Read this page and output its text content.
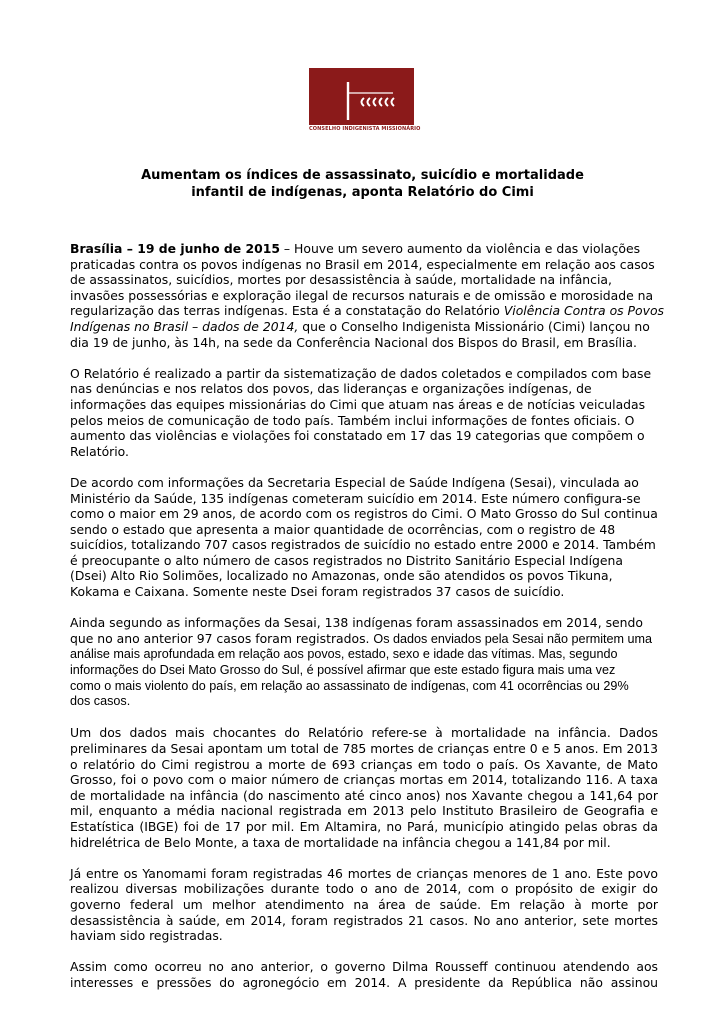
CONSELHO INDIGENISTA MISSIONÁRIO
Aumentam os índices de assassinato, suicídio e mortalidade
infantil de indígenas, aponta Relatório do Cimi
Brasília – 19 de junho de 2015 – Houve um severo aumento da violência e das violações
praticadas contra os povos indígenas no Brasil em 2014, especialmente em relação aos casos
de assassinatos, suicídios, mortes por desassistência à saúde, mortalidade na infância,
invasões possessórias e exploração ilegal de recursos naturais e de omissão e morosidade na
regularização das terras indígenas. Esta é a constatação do Relatório Violência Contra os Povos
Indígenas no Brasil – dados de 2014, que o Conselho Indigenista Missionário (Cimi) lançou no
dia 19 de junho, às 14h, na sede da Conferência Nacional dos Bispos do Brasil, em Brasília.
O Relatório é realizado a partir da sistematização de dados coletados e compilados com base
nas denúncias e nos relatos dos povos, das lideranças e organizações indígenas, de
informações das equipes missionárias do Cimi que atuam nas áreas e de notícias veiculadas
pelos meios de comunicação de todo país. Também inclui informações de fontes oficiais. O
aumento das violências e violações foi constatado em 17 das 19 categorias que compõem o
Relatório.
De acordo com informações da Secretaria Especial de Saúde Indígena (Sesai), vinculada ao
Ministério da Saúde, 135 indígenas cometeram suicídio em 2014. Este número configura-se
como o maior em 29 anos, de acordo com os registros do Cimi. O Mato Grosso do Sul continua
sendo o estado que apresenta a maior quantidade de ocorrências, com o registro de 48
suicídios, totalizando 707 casos registrados de suicídio no estado entre 2000 e 2014. Também
é preocupante o alto número de casos registrados no Distrito Sanitário Especial Indígena
(Dsei) Alto Rio Solimões, localizado no Amazonas, onde são atendidos os povos Tikuna,
Kokama e Caixana. Somente neste Dsei foram registrados 37 casos de suicídio.
Ainda segundo as informações da Sesai, 138 indígenas foram assassinados em 2014, sendo
que no ano anterior 97 casos foram registrados. Os dados enviados pela Sesai não permitem uma
análise mais aprofundada em relação aos povos, estado, sexo e idade das vítimas. Mas, segundo
informações do Dsei Mato Grosso do Sul, é possível afirmar que este estado figura mais uma vez
como o mais violento do país, em relação ao assassinato de indígenas, com 41 ocorrências ou 29%
dos casos.
Um dos dados mais chocantes do Relatório refere-se à mortalidade na infância. Dados
preliminares da Sesai apontam um total de 785 mortes de crianças entre 0 e 5 anos. Em 2013
o relatório do Cimi registrou a morte de 693 crianças em todo o país. Os Xavante, de Mato
Grosso, foi o povo com o maior número de crianças mortas em 2014, totalizando 116. A taxa
de mortalidade na infância (do nascimento até cinco anos) nos Xavante chegou a 141,64 por
mil, enquanto a média nacional registrada em 2013 pelo Instituto Brasileiro de Geografia e
Estatística (IBGE) foi de 17 por mil. Em Altamira, no Pará, município atingido pelas obras da
hidrelétrica de Belo Monte, a taxa de mortalidade na infância chegou a 141,84 por mil.
Já entre os Yanomami foram registradas 46 mortes de crianças menores de 1 ano. Este povo
realizou diversas mobilizações durante todo o ano de 2014, com o propósito de exigir do
governo federal um melhor atendimento na área de saúde. Em relação à morte por
desassistência à saúde, em 2014, foram registrados 21 casos. No ano anterior, sete mortes
haviam sido registradas.
Assim como ocorreu no ano anterior, o governo Dilma Rousseff continuou atendendo aos
interesses e pressões do agronegócio em 2014. A presidente da República não assinou
